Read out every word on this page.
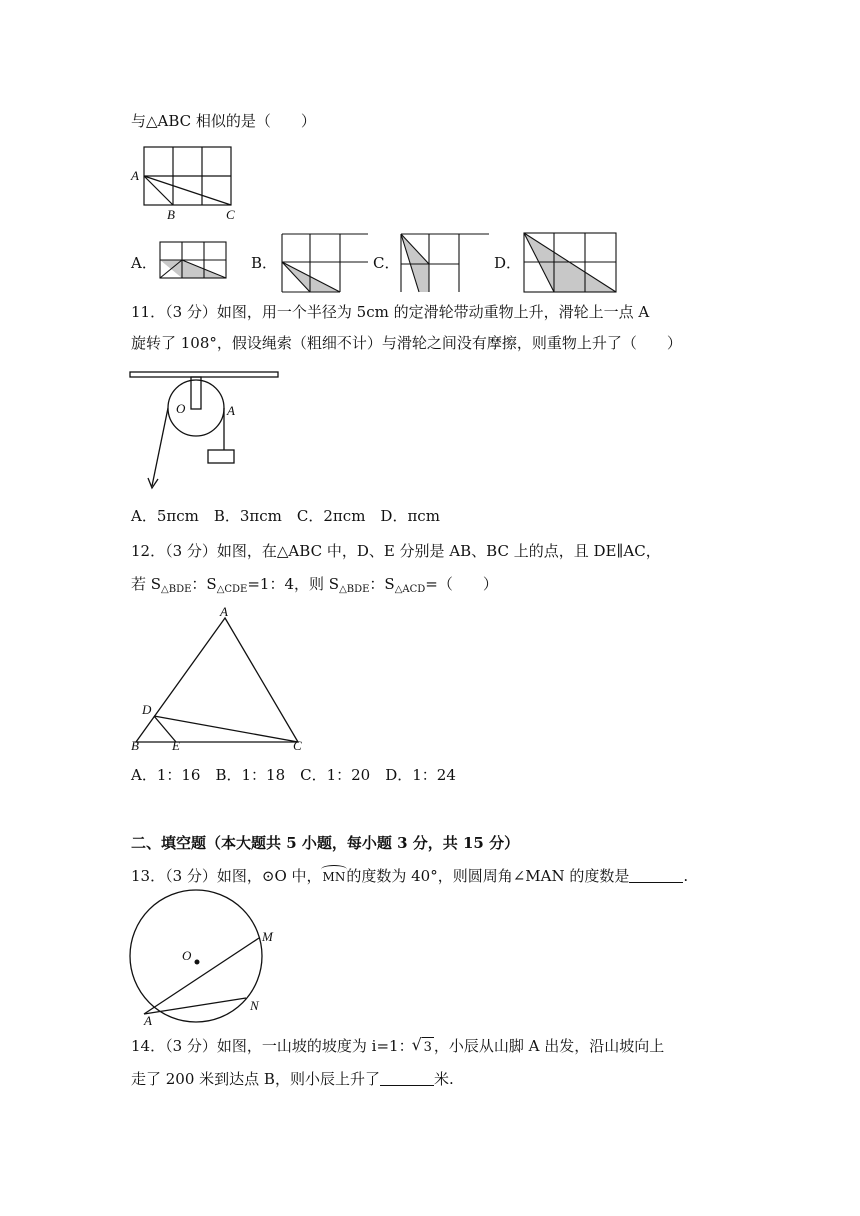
与△ABC 相似的是（　　）
A
B	C
A．	B．	C．	D．
11．（3 分）如图，用一个半径为 5cm 的定滑轮带动重物上升，滑轮上一点 A
旋转了 108°，假设绳索（粗细不计）与滑轮之间没有摩擦，则重物上升了（　　）
O	A
A．5πcm　B．3πcm　C．2πcm　D．πcm
12．（3 分）如图，在△ABC 中，D、E 分别是 AB、BC 上的点，且 DE∥AC，
若 $S_{\triangle BDE}$：$S_{\triangle CDE}=1$：4，则 $S_{\triangle BDE}$：$S_{\triangle ACD}=$（　　）
A
D
B	E	C
A．1：16　B．1：18　C．1：20　D．1：24
二、填空题（本大题共 5 小题，每小题 3 分，共 15 分）
13．（3 分）如图，⊙O 中，MN的度数为 40°，则圆周角∠MAN 的度数是	.
O
M
N
A
14．（3 分）如图，一山坡的坡度为 i=1：√ 3 ，小辰从山脚 A 出发，沿山坡向上
走了 200 米到达点 B，则小辰上升了	米.
